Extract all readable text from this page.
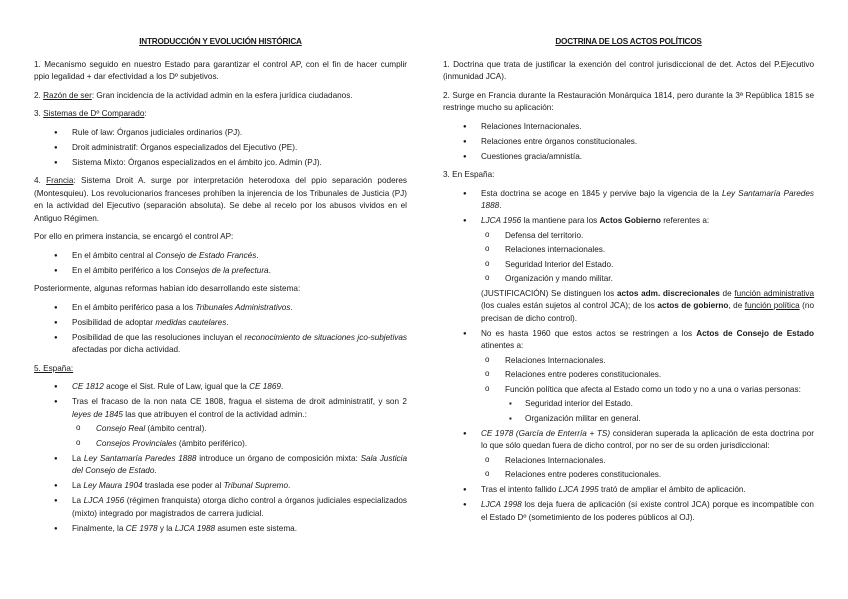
INTRODUCCIÓN Y EVOLUCIÓN HISTÓRICA

1. Mecanismo seguido en nuestro Estado para garantizar el control AP, con el fin de hacer cumplir ppio legalidad + dar efectividad a los Dº subjetivos.

2. Razón de ser: Gran incidencia de la actividad admin en la esfera jurídica ciudadanos.

3. Sistemas de Dº Comparado:

● Rule of law: Órganos judiciales ordinarios (PJ).
● Droit administratif: Órganos especializados del Ejecutivo (PE).
● Sistema Mixto: Órganos especializados en el ámbito jco. Admin (PJ).

4. Francia: Sistema Droit A. surge por interpretación heterodoxa del ppio separación poderes (Montesquieu). Los revolucionarios franceses prohíben la injerencia de los Tribunales de Justicia (PJ) en la actividad del Ejecutivo (separación absoluta). Se debe al recelo por los abusos vividos en el Antiguo Régimen.

Por ello en primera instancia, se encargó el control AP:

● En el ámbito central al Consejo de Estado Francés.
● En el ámbito periférico a los Consejos de la prefectura.

Posteriormente, algunas reformas habían ido desarrollando este sistema:

● En el ámbito periférico pasa a los Tribunales Administrativos.
● Posibilidad de adoptar medidas cautelares.
● Posibilidad de que las resoluciones incluyan el reconocimiento de situaciones jco-subjetivas afectadas por dicha actividad.

5. España:

● CE 1812 acoge el Sist. Rule of Law, igual que la CE 1869.
● Tras el fracaso de la non nata CE 1808, fragua el sistema de droit administratif, y son 2 leyes de 1845 las que atribuyen el control de la actividad admin.:
o Consejo Real (ámbito central).
o Consejos Provinciales (ámbito periférico).
● La Ley Santamaría Paredes 1888 introduce un órgano de composición mixta: Sala Justicia del Consejo de Estado.
● La Ley Maura 1904 traslada ese poder al Tribunal Supremo.
● La LJCA 1956 (régimen franquista) otorga dicho control a órganos judiciales especializados (mixto) integrado por magistrados de carrera judicial.
● Finalmente, la CE 1978 y la LJCA 1988 asumen este sistema.
DOCTRINA DE LOS ACTOS POLÍTICOS

1. Doctrina que trata de justificar la exención del control jurisdiccional de det. Actos del P.Ejecutivo (inmunidad JCA).

2. Surge en Francia durante la Restauración Monárquica 1814, pero durante la 3ª República 1815 se restringe mucho su aplicación:

● Relaciones Internacionales.
● Relaciones entre órganos constitucionales.
● Cuestiones gracia/amnistía.

3. En España:

● Esta doctrina se acoge en 1845 y pervive bajo la vigencia de la Ley Santamaría Paredes 1888.
● LJCA 1956 la mantiene para los Actos Gobierno referentes a:
o Defensa del territorio.
o Relaciones internacionales.
o Seguridad Interior del Estado.
o Organización y mando militar.
(JUSTIFICACIÓN) Se distinguen los actos adm. discrecionales de función administrativa (los cuales están sujetos al control JCA); de los actos de gobierno, de función política (no precisan de dicho control).
● No es hasta 1960 que estos actos se restringen a los Actos de Consejo de Estado atinentes a:
o Relaciones Internacionales.
o Relaciones entre poderes constitucionales.
o Función política que afecta al Estado como un todo y no a una o varias personas:
▪ Seguridad interior del Estado.
▪ Organización militar en general.
● CE 1978 (García de Enterría + TS) consideran superada la aplicación de esta doctrina por lo que sólo quedan fuera de dicho control, por no ser de su orden jurisdiccional:
o Relaciones Internacionales.
o Relaciones entre poderes constitucionales.
● Tras el intento fallido LJCA 1995 trató de ampliar el ámbito de aplicación.
● LJCA 1998 los deja fuera de aplicación (sí existe control JCA) porque es incompatible con el Estado Dº (sometimiento de los poderes públicos al OJ).
